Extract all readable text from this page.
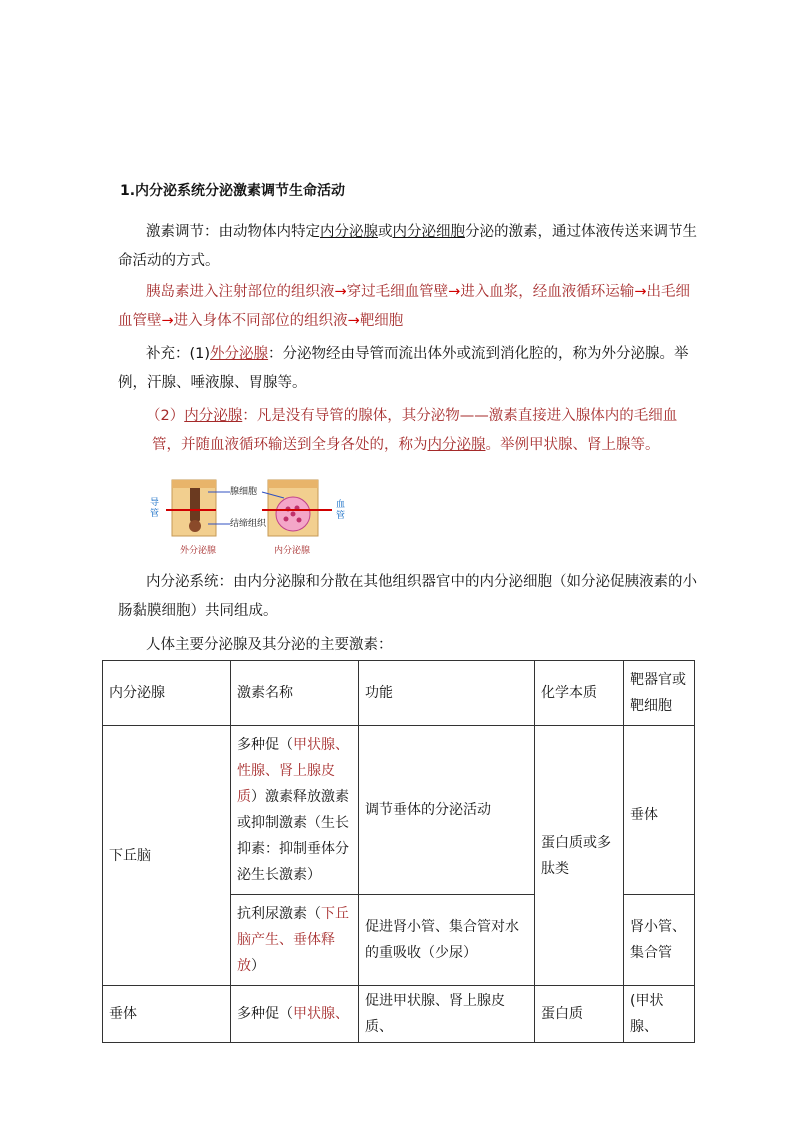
1.内分泌系统分泌激素调节生命活动
激素调节：由动物体内特定内分泌腺或内分泌细胞分泌的激素，通过体液传送来调节生命活动的方式。
胰岛素进入注射部位的组织液→穿过毛细血管壁→进入血浆，经血液循环运输→出毛细血管壁→进入身体不同部位的组织液→靶细胞
补充：(1)外分泌腺：分泌物经由导管而流出体外或流到消化腔的，称为外分泌腺。举例，汗腺、唾液腺、胃腺等。
（2）内分泌腺：凡是没有导管的腺体，其分泌物——激素直接进入腺体内的毛细血管，并随血液循环输送到全身各处的，称为内分泌腺。举例甲状腺、肾上腺等。
导管
腺细胞
结缔组织
血管
外分泌腺	内分泌腺
内分泌系统：由内分泌腺和分散在其他组织器官中的内分泌细胞（如分泌促胰液素的小肠黏膜细胞）共同组成。
人体主要分泌腺及其分泌的主要激素：
内分泌腺	激素名称	功能	化学本质	靶器官或靶细胞
下丘脑	多种促（甲状腺、性腺、肾上腺皮质）激素释放激素或抑制激素（生长抑素：抑制垂体分泌生长激素）	调节垂体的分泌活动	蛋白质或多肽类	垂体
	抗利尿激素（下丘脑产生、垂体释放）	促进肾小管、集合管对水的重吸收（少尿）		肾小管、集合管
垂体	多种促（甲状腺、	促进甲状腺、肾上腺皮质、	蛋白质	(甲状腺、
